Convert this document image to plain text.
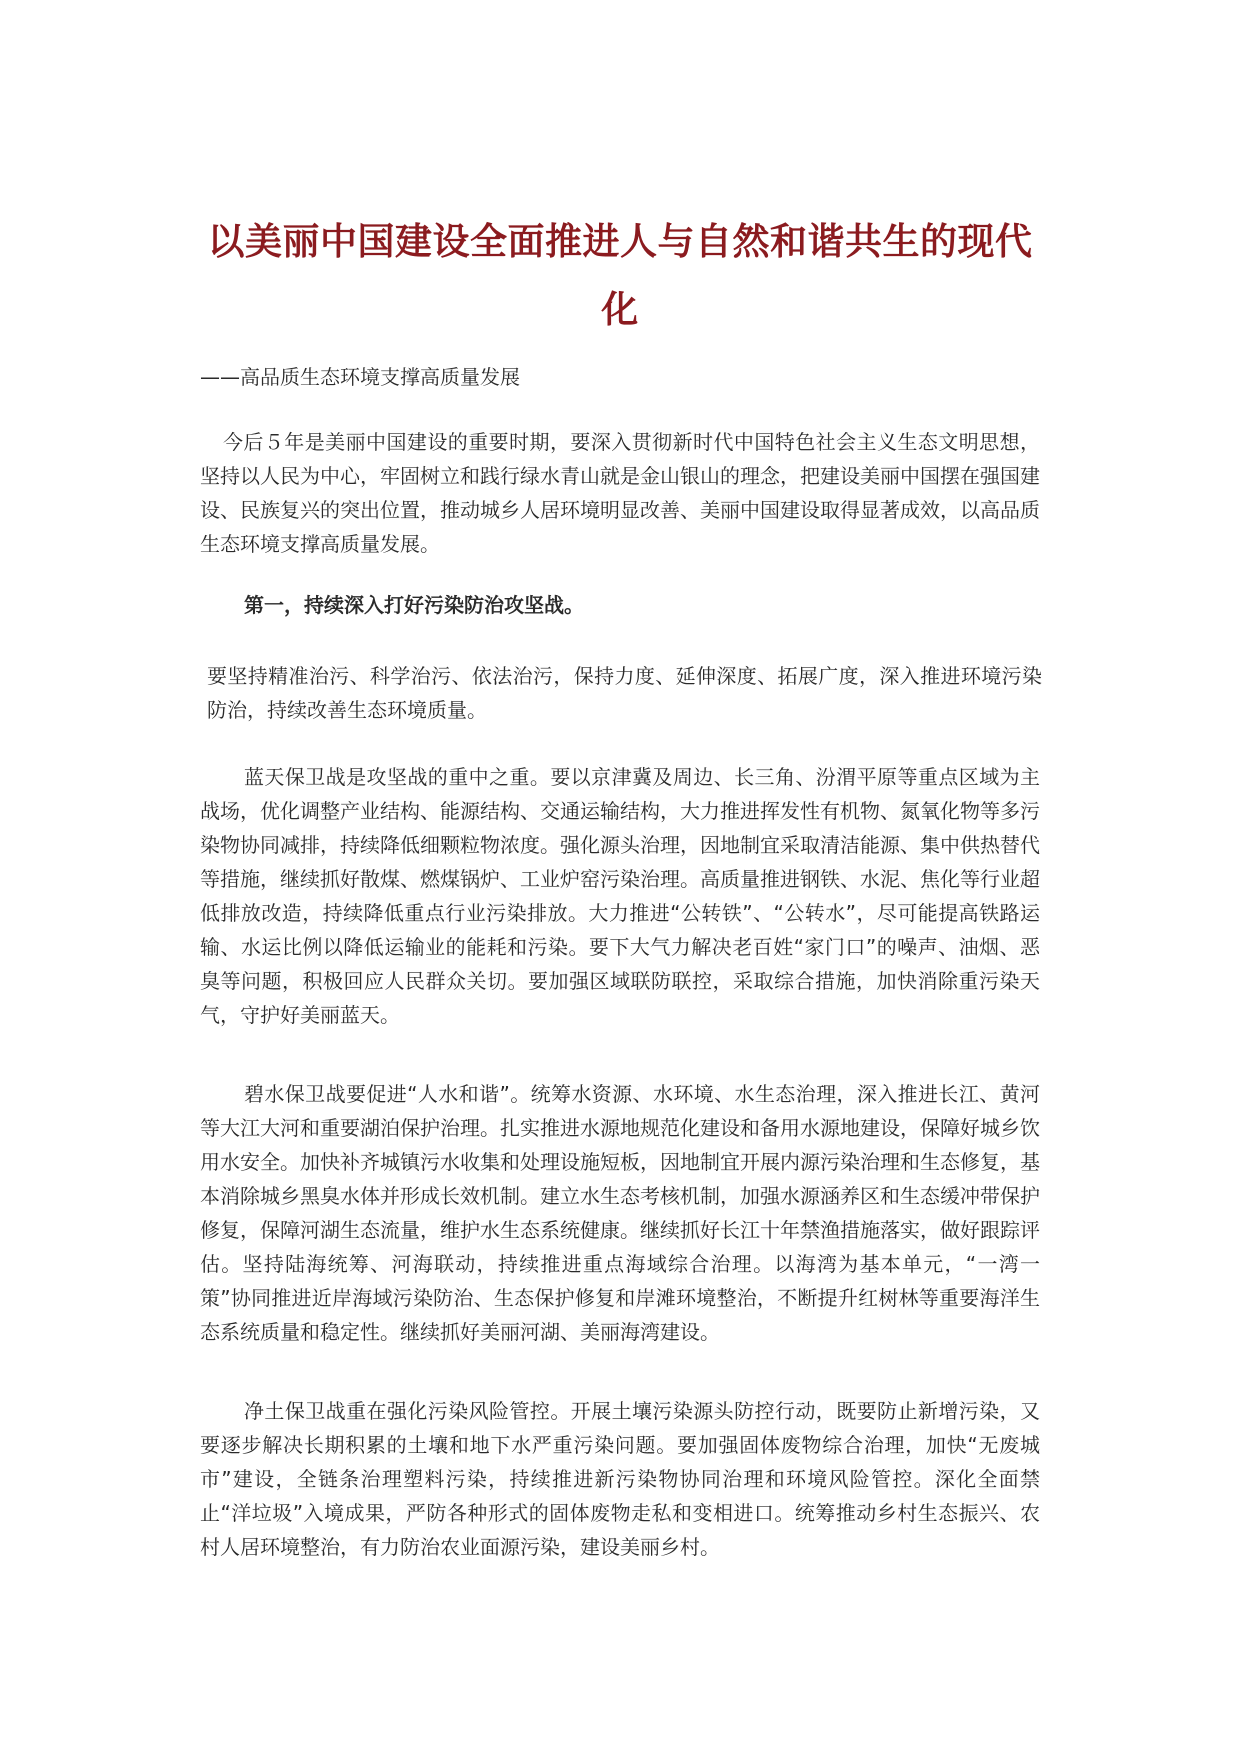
以美丽中国建设全面推进人与自然和谐共生的现代化

——高品质生态环境支撑高质量发展

今后５年是美丽中国建设的重要时期，要深入贯彻新时代中国特色社会主义生态文明思想，坚持以人民为中心，牢固树立和践行绿水青山就是金山银山的理念，把建设美丽中国摆在强国建设、民族复兴的突出位置，推动城乡人居环境明显改善、美丽中国建设取得显著成效，以高品质生态环境支撑高质量发展。

第一，持续深入打好污染防治攻坚战。

要坚持精准治污、科学治污、依法治污，保持力度、延伸深度、拓展广度，深入推进环境污染防治，持续改善生态环境质量。

蓝天保卫战是攻坚战的重中之重。要以京津冀及周边、长三角、汾渭平原等重点区域为主战场，优化调整产业结构、能源结构、交通运输结构，大力推进挥发性有机物、氮氧化物等多污染物协同减排，持续降低细颗粒物浓度。强化源头治理，因地制宜采取清洁能源、集中供热替代等措施，继续抓好散煤、燃煤锅炉、工业炉窑污染治理。高质量推进钢铁、水泥、焦化等行业超低排放改造，持续降低重点行业污染排放。大力推进“公转铁”、“公转水”，尽可能提高铁路运输、水运比例以降低运输业的能耗和污染。要下大气力解决老百姓“家门口”的噪声、油烟、恶臭等问题，积极回应人民群众关切。要加强区域联防联控，采取综合措施，加快消除重污染天气，守护好美丽蓝天。

碧水保卫战要促进“人水和谐”。统筹水资源、水环境、水生态治理，深入推进长江、黄河等大江大河和重要湖泊保护治理。扎实推进水源地规范化建设和备用水源地建设，保障好城乡饮用水安全。加快补齐城镇污水收集和处理设施短板，因地制宜开展内源污染治理和生态修复，基本消除城乡黑臭水体并形成长效机制。建立水生态考核机制，加强水源涵养区和生态缓冲带保护修复，保障河湖生态流量，维护水生态系统健康。继续抓好长江十年禁渔措施落实，做好跟踪评估。坚持陆海统筹、河海联动，持续推进重点海域综合治理。以海湾为基本单元，“一湾一策”协同推进近岸海域污染防治、生态保护修复和岸滩环境整治，不断提升红树林等重要海洋生态系统质量和稳定性。继续抓好美丽河湖、美丽海湾建设。

净土保卫战重在强化污染风险管控。开展土壤污染源头防控行动，既要防止新增污染，又要逐步解决长期积累的土壤和地下水严重污染问题。要加强固体废物综合治理，加快“无废城市”建设，全链条治理塑料污染，持续推进新污染物协同治理和环境风险管控。深化全面禁止“洋垃圾”入境成果，严防各种形式的固体废物走私和变相进口。统筹推动乡村生态振兴、农村人居环境整治，有力防治农业面源污染，建设美丽乡村。
